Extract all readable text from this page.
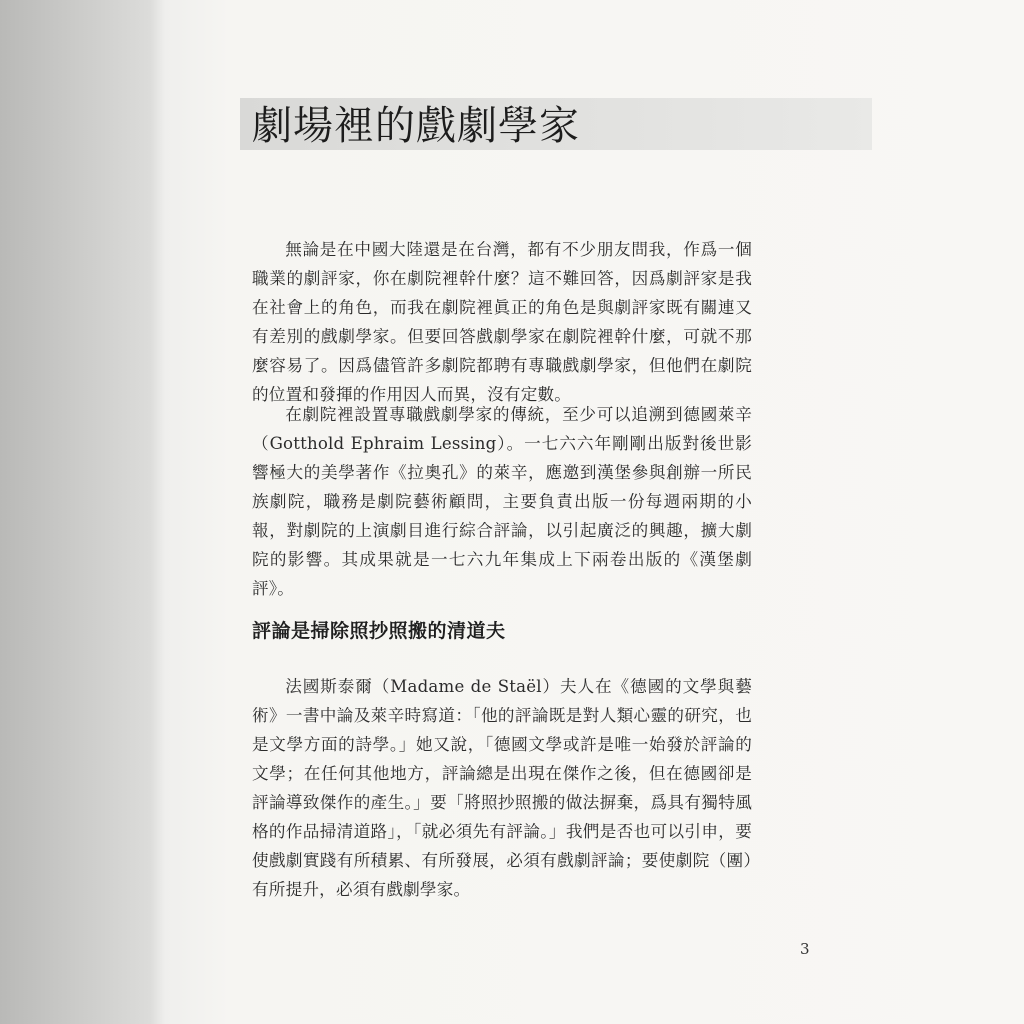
劇場裡的戲劇學家

無論是在中國大陸還是在台灣，都有不少朋友問我，作爲一個職業的劇評家，你在劇院裡幹什麼？這不難回答，因爲劇評家是我在社會上的角色，而我在劇院裡眞正的角色是與劇評家既有關連又有差別的戲劇學家。但要回答戲劇學家在劇院裡幹什麼，可就不那麼容易了。因爲儘管許多劇院都聘有專職戲劇學家，但他們在劇院的位置和發揮的作用因人而異，沒有定數。

在劇院裡設置專職戲劇學家的傳統，至少可以追溯到德國萊辛（Gotthold Ephraim Lessing）。一七六六年剛剛出版對後世影響極大的美學著作《拉奧孔》的萊辛，應邀到漢堡參與創辦一所民族劇院，職務是劇院藝術顧問，主要負責出版一份每週兩期的小報，對劇院的上演劇目進行綜合評論，以引起廣泛的興趣，擴大劇院的影響。其成果就是一七六九年集成上下兩卷出版的《漢堡劇評》。

評論是掃除照抄照搬的清道夫

法國斯泰爾（Madame de Staël）夫人在《德國的文學與藝術》一書中論及萊辛時寫道：「他的評論既是對人類心靈的研究，也是文學方面的詩學。」她又說，「德國文學或許是唯一始發於評論的文學；在任何其他地方，評論總是出現在傑作之後，但在德國卻是評論導致傑作的產生。」要「將照抄照搬的做法摒棄，爲具有獨特風格的作品掃清道路」，「就必須先有評論。」我們是否也可以引申，要使戲劇實踐有所積累、有所發展，必須有戲劇評論；要使劇院（團）有所提升，必須有戲劇學家。

3
